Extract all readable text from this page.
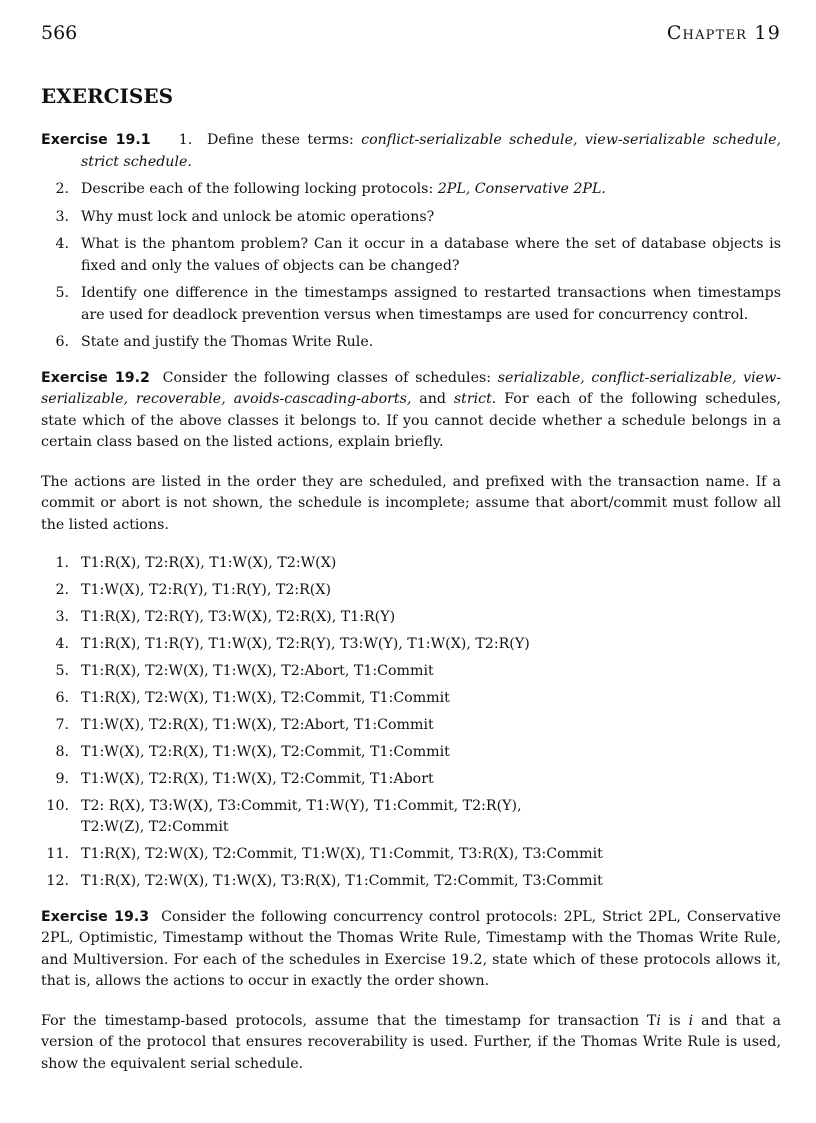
566	Chapter 19
EXERCISES

Exercise 19.1 1. Define these terms: conflict-serializable schedule, view-serializable schedule, strict schedule.

2. Describe each of the following locking protocols: 2PL, Conservative 2PL.
3. Why must lock and unlock be atomic operations?
4. What is the phantom problem? Can it occur in a database where the set of database objects is fixed and only the values of objects can be changed?
5. Identify one difference in the timestamps assigned to restarted transactions when timestamps are used for deadlock prevention versus when timestamps are used for concurrency control.
6. State and justify the Thomas Write Rule.

Exercise 19.2 Consider the following classes of schedules: serializable, conflict-serializable, view-serializable, recoverable, avoids-cascading-aborts, and strict. For each of the following schedules, state which of the above classes it belongs to. If you cannot decide whether a schedule belongs in a certain class based on the listed actions, explain briefly.

The actions are listed in the order they are scheduled, and prefixed with the transaction name. If a commit or abort is not shown, the schedule is incomplete; assume that abort/commit must follow all the listed actions.

1. T1:R(X), T2:R(X), T1:W(X), T2:W(X)
2. T1:W(X), T2:R(Y), T1:R(Y), T2:R(X)
3. T1:R(X), T2:R(Y), T3:W(X), T2:R(X), T1:R(Y)
4. T1:R(X), T1:R(Y), T1:W(X), T2:R(Y), T3:W(Y), T1:W(X), T2:R(Y)
5. T1:R(X), T2:W(X), T1:W(X), T2:Abort, T1:Commit
6. T1:R(X), T2:W(X), T1:W(X), T2:Commit, T1:Commit
7. T1:W(X), T2:R(X), T1:W(X), T2:Abort, T1:Commit
8. T1:W(X), T2:R(X), T1:W(X), T2:Commit, T1:Commit
9. T1:W(X), T2:R(X), T1:W(X), T2:Commit, T1:Abort
10. T2: R(X), T3:W(X), T3:Commit, T1:W(Y), T1:Commit, T2:R(Y),
T2:W(Z), T2:Commit
11. T1:R(X), T2:W(X), T2:Commit, T1:W(X), T1:Commit, T3:R(X), T3:Commit
12. T1:R(X), T2:W(X), T1:W(X), T3:R(X), T1:Commit, T2:Commit, T3:Commit

Exercise 19.3 Consider the following concurrency control protocols: 2PL, Strict 2PL, Conservative 2PL, Optimistic, Timestamp without the Thomas Write Rule, Timestamp with the Thomas Write Rule, and Multiversion. For each of the schedules in Exercise 19.2, state which of these protocols allows it, that is, allows the actions to occur in exactly the order shown.

For the timestamp-based protocols, assume that the timestamp for transaction Ti is i and that a version of the protocol that ensures recoverability is used. Further, if the Thomas Write Rule is used, show the equivalent serial schedule.
